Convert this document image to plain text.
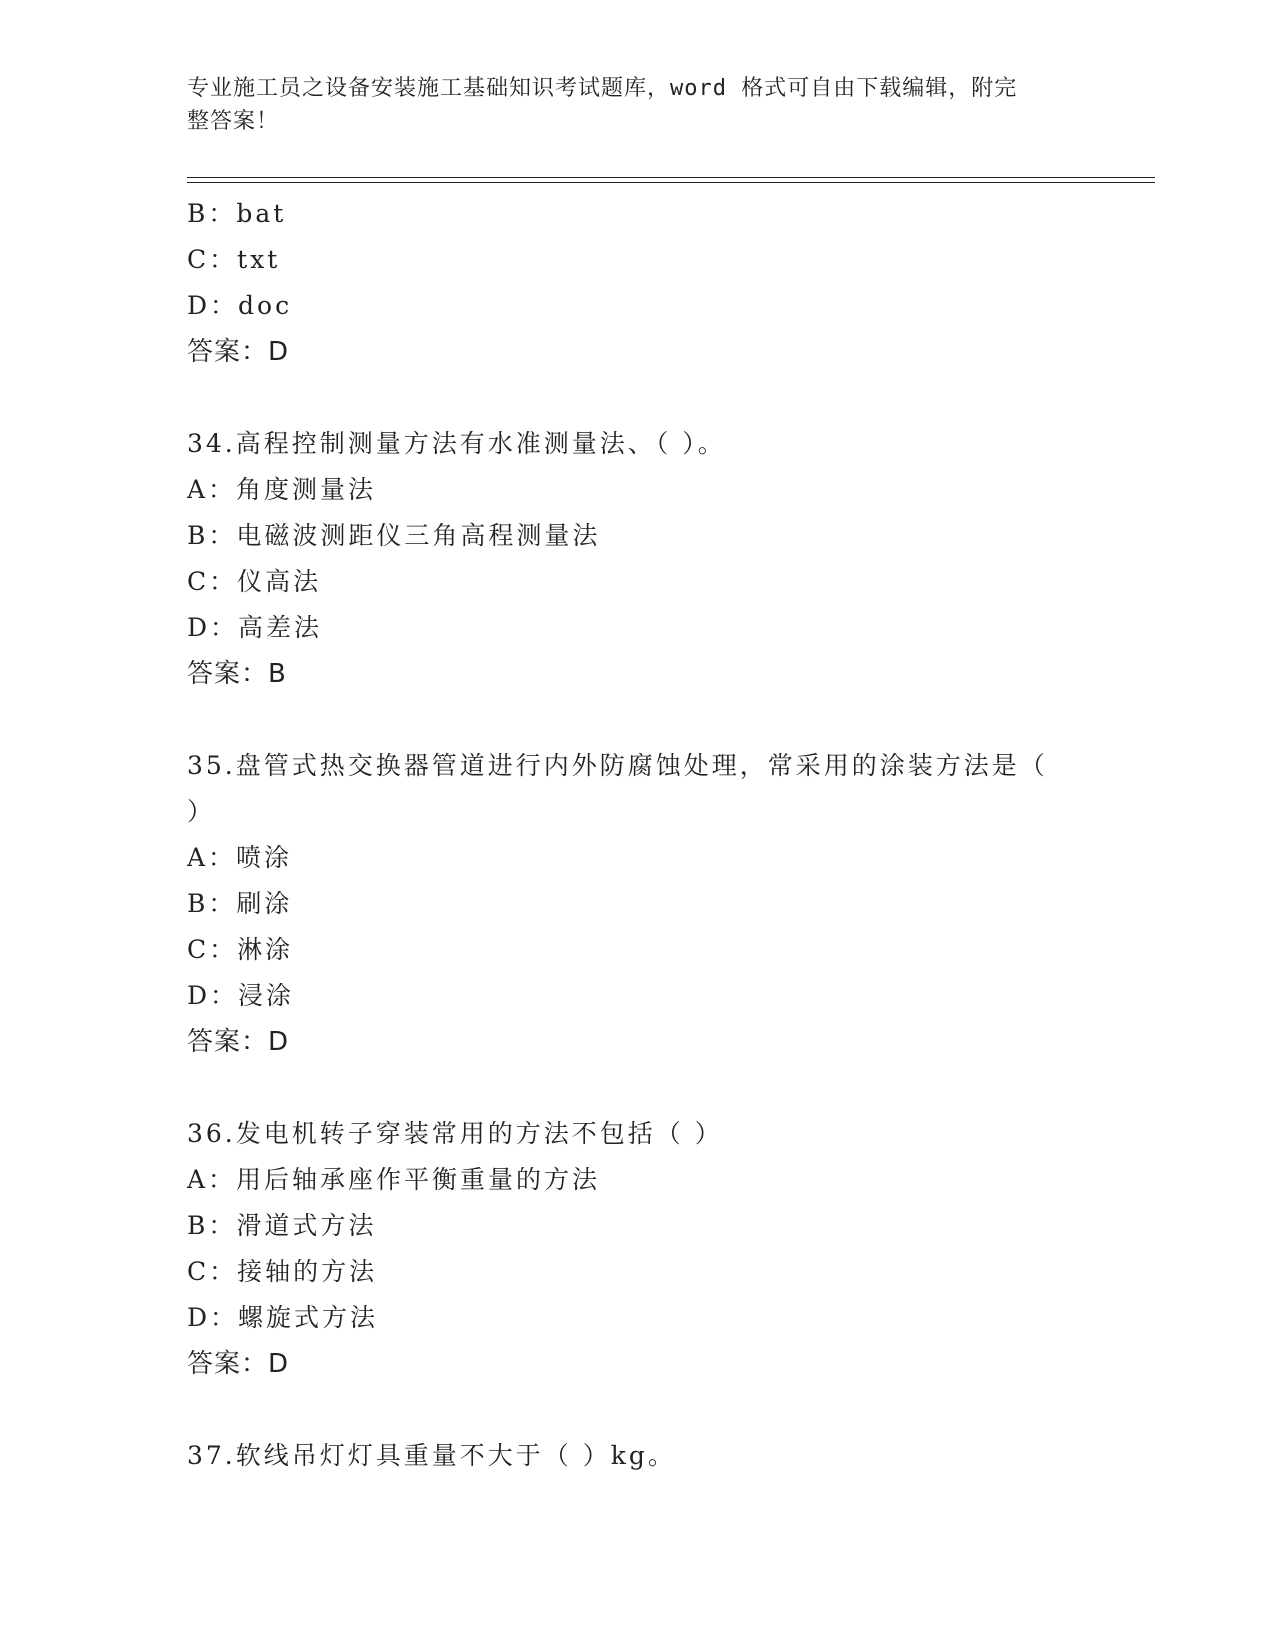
专业施工员之设备安装施工基础知识考试题库，word 格式可自由下载编辑，附完
整答案！
B：bat
C：txt
D：doc
答案：D
34.高程控制测量方法有水准测量法、（ ）。
A：角度测量法
B：电磁波测距仪三角高程测量法
C：仪高法
D：高差法
答案：B
35.盘管式热交换器管道进行内外防腐蚀处理，常采用的涂装方法是（
）
A：喷涂
B：刷涂
C：淋涂
D：浸涂
答案：D
36.发电机转子穿装常用的方法不包括（ ）
A：用后轴承座作平衡重量的方法
B：滑道式方法
C：接轴的方法
D：螺旋式方法
答案：D
37.软线吊灯灯具重量不大于（ ）kg。
